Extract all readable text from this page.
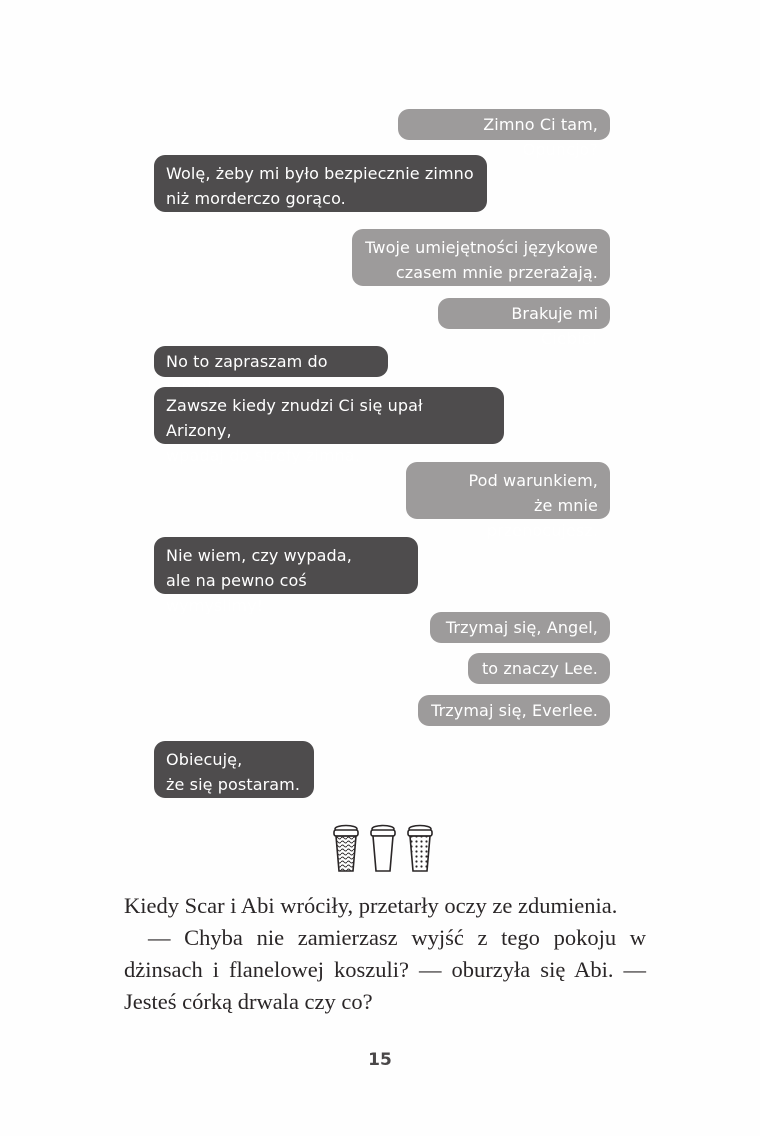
Zimno Ci tam, Opuncjo?
Wolę, żeby mi było bezpiecznie zimno
niż morderczo gorąco.
Twoje umiejętności językowe
czasem mnie przerażają.
Brakuje mi Ciebie!
No to zapraszam do
Zawsze kiedy znudzi Ci się upał Arizony,
wpadaj do strefy zimna.
Pod warunkiem,
że mnie przenocujesz.
Nie wiem, czy wypada,
ale na pewno coś wymyślimy!
Trzymaj się, Angel,
to znaczy Lee.
Trzymaj się, Everlee.
Obiecuję,
że się postaram.

Kiedy Scar i Abi wróciły, przetarły oczy ze zdumienia.

— Chyba nie zamierzasz wyjść z tego pokoju w dżinsach i flanelowej koszuli? — oburzyła się Abi. — Jesteś córką drwala czy co?

15
